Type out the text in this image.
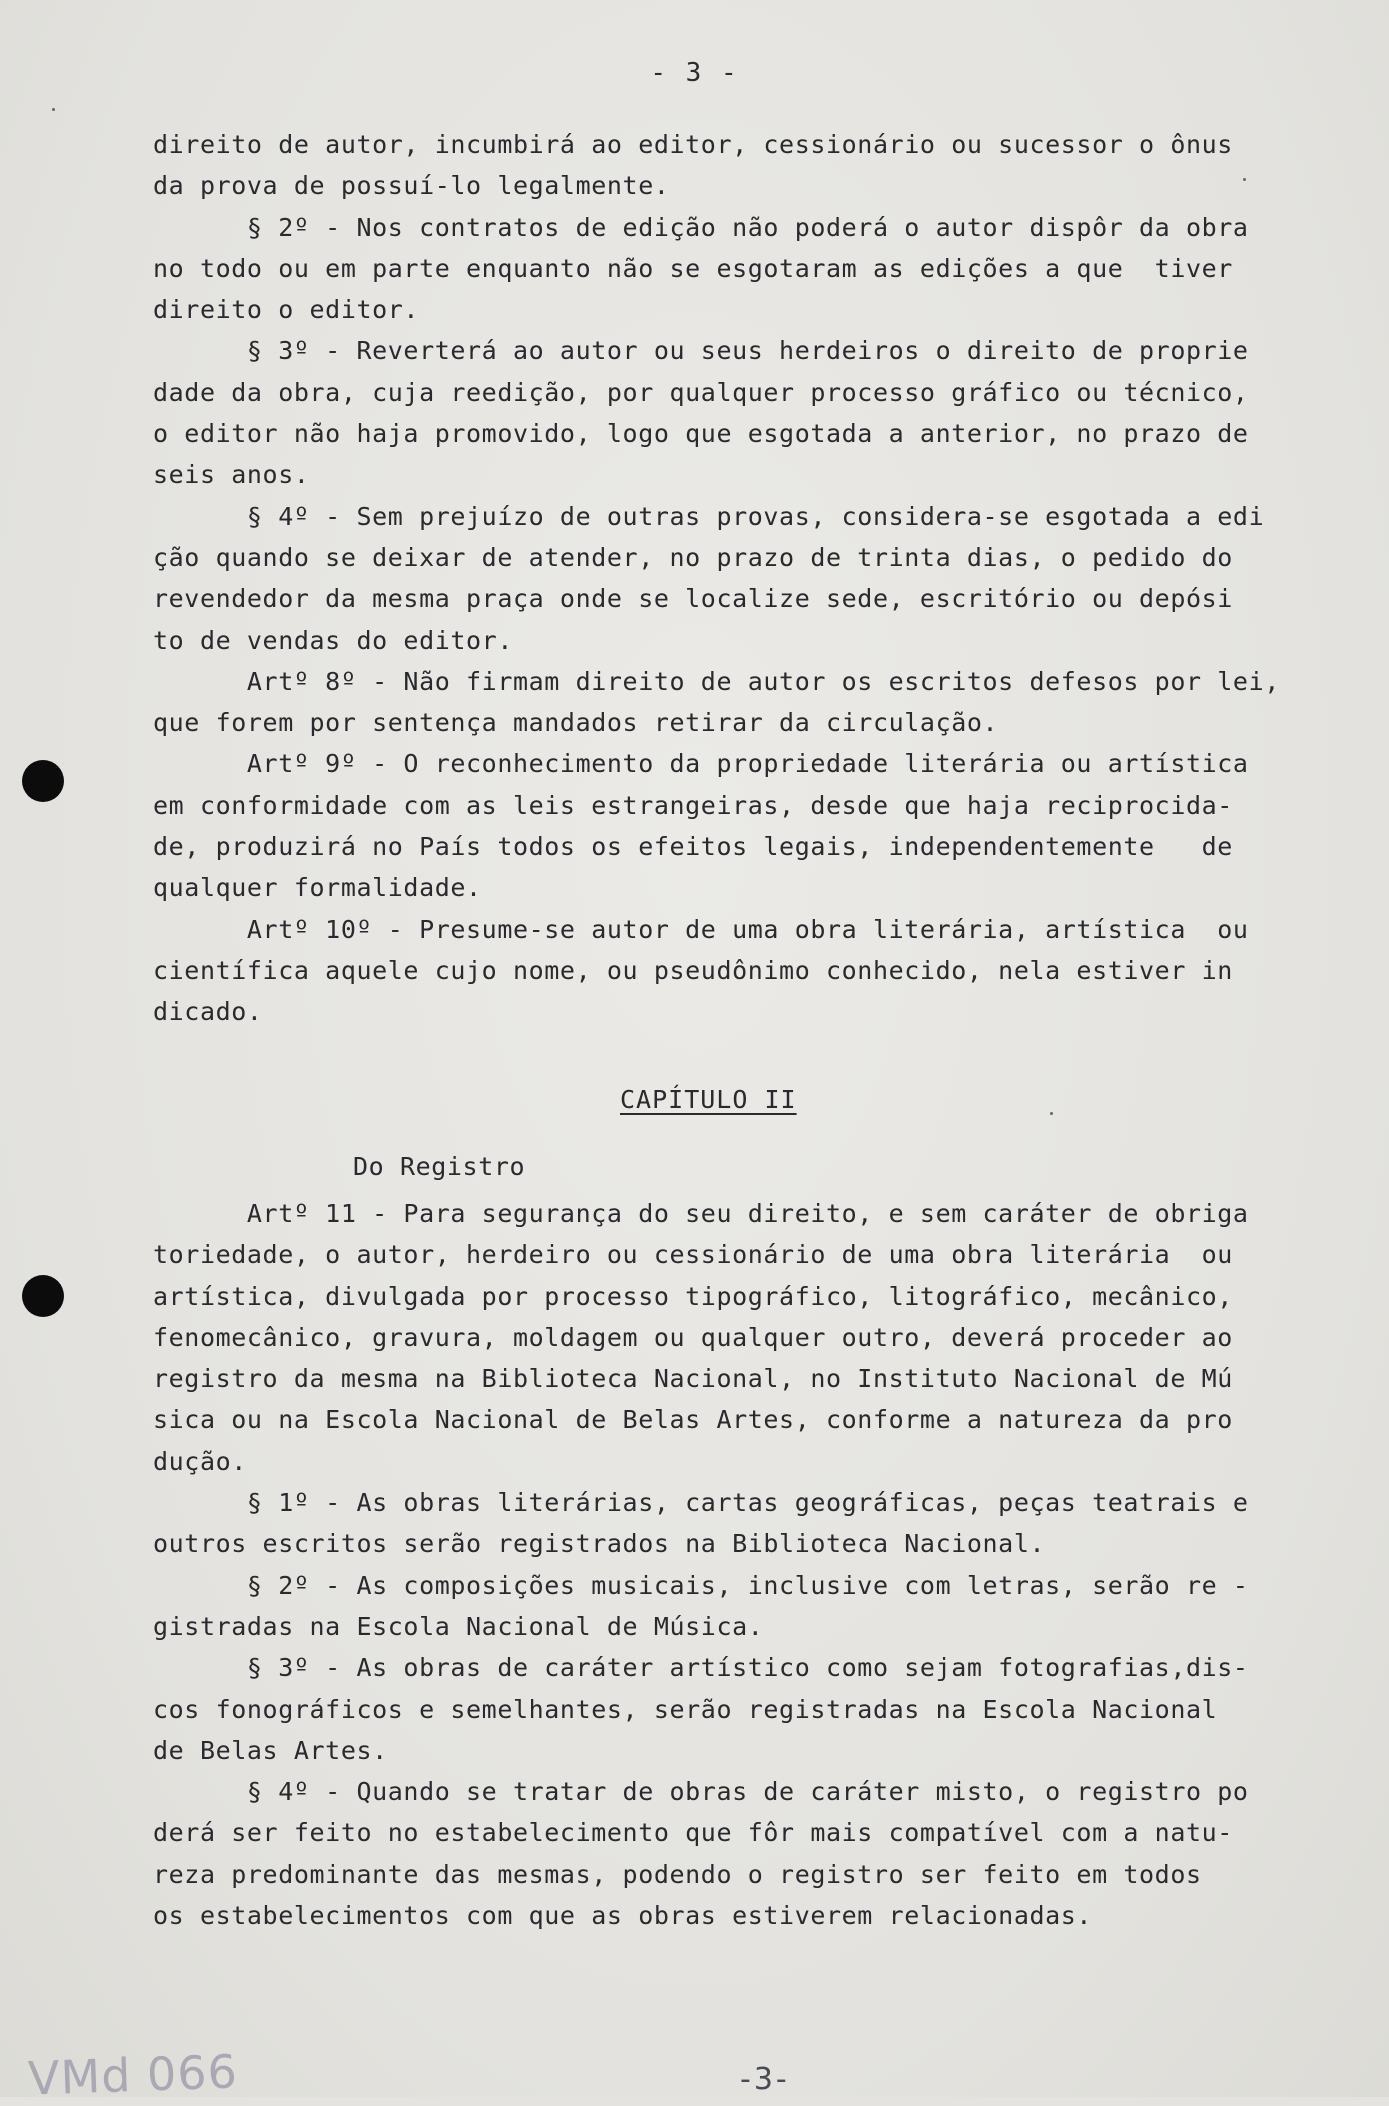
- 3 -
direito de autor, incumbirá ao editor, cessionário ou sucessor o ônus
da prova de possuí-lo legalmente.
§ 2º - Nos contratos de edição não poderá o autor dispôr da obra
no todo ou em parte enquanto não se esgotaram as edições a que  tiver
direito o editor.
§ 3º - Reverterá ao autor ou seus herdeiros o direito de proprie
dade da obra, cuja reedição, por qualquer processo gráfico ou técnico,
o editor não haja promovido, logo que esgotada a anterior, no prazo de
seis anos.
§ 4º - Sem prejuízo de outras provas, considera-se esgotada a edi
ção quando se deixar de atender, no prazo de trinta dias, o pedido do
revendedor da mesma praça onde se localize sede, escritório ou depósi
to de vendas do editor.
Artº 8º - Não firmam direito de autor os escritos defesos por lei,
que forem por sentença mandados retirar da circulação.
Artº 9º - O reconhecimento da propriedade literária ou artística
em conformidade com as leis estrangeiras, desde que haja reciprocida-
de, produzirá no País todos os efeitos legais, independentemente   de
qualquer formalidade.
Artº 10º - Presume-se autor de uma obra literária, artística  ou
científica aquele cujo nome, ou pseudônimo conhecido, nela estiver in
dicado.
CAPÍTULO II
Do Registro
Artº 11 - Para segurança do seu direito, e sem caráter de obriga
toriedade, o autor, herdeiro ou cessionário de uma obra literária  ou
artística, divulgada por processo tipográfico, litográfico, mecânico,
fenomecânico, gravura, moldagem ou qualquer outro, deverá proceder ao
registro da mesma na Biblioteca Nacional, no Instituto Nacional de Mú
sica ou na Escola Nacional de Belas Artes, conforme a natureza da pro
dução.
§ 1º - As obras literárias, cartas geográficas, peças teatrais e
outros escritos serão registrados na Biblioteca Nacional.
§ 2º - As composições musicais, inclusive com letras, serão re -
gistradas na Escola Nacional de Música.
§ 3º - As obras de caráter artístico como sejam fotografias,dis-
cos fonográficos e semelhantes, serão registradas na Escola Nacional
de Belas Artes.
§ 4º - Quando se tratar de obras de caráter misto, o registro po
derá ser feito no estabelecimento que fôr mais compatível com a natu-
reza predominante das mesmas, podendo o registro ser feito em todos
os estabelecimentos com que as obras estiverem relacionadas.
VMd 066	-3-
